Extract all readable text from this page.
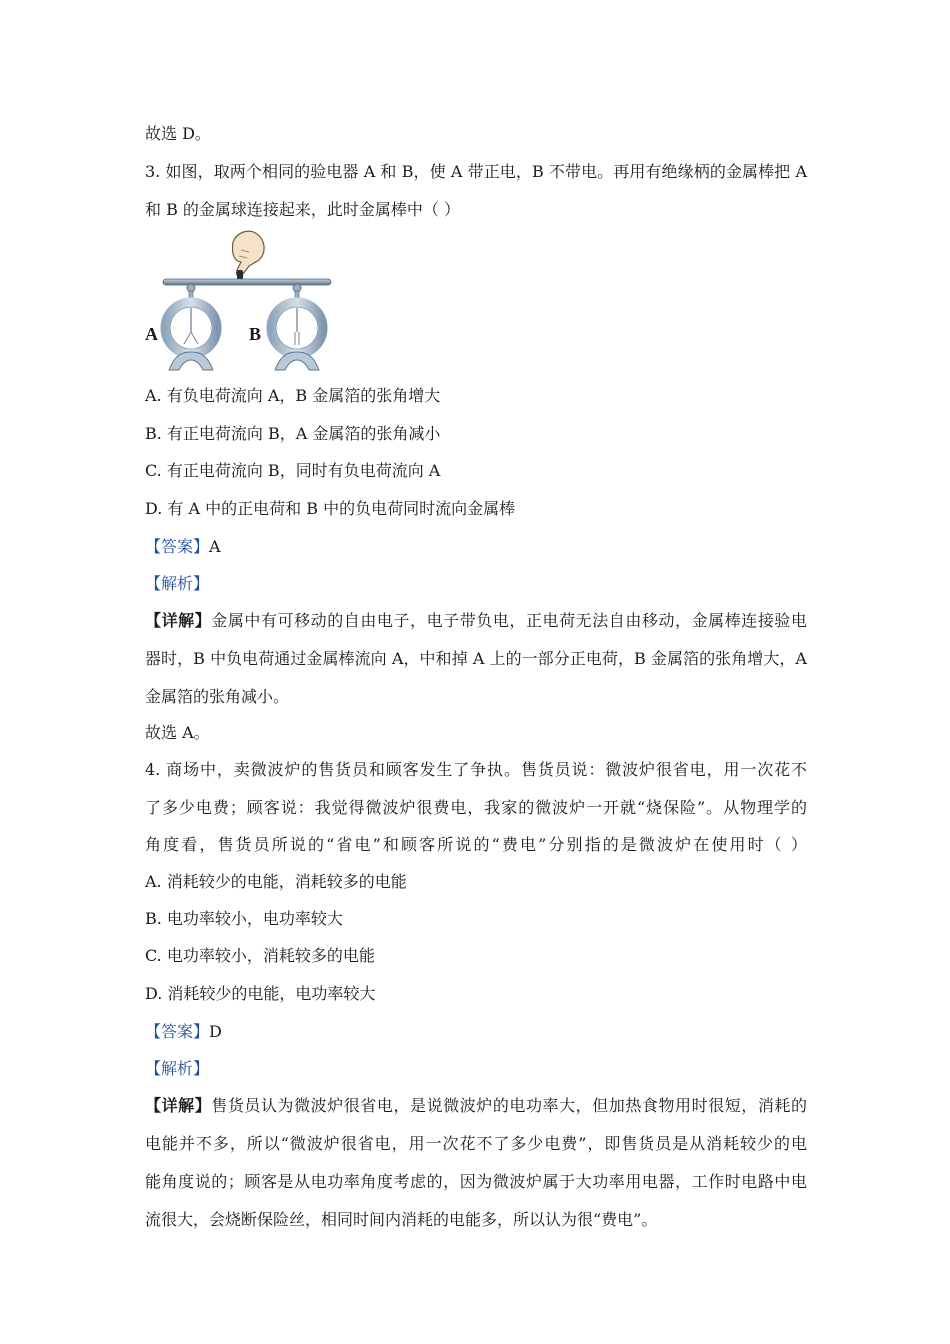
故选 D。
3. 如图，取两个相同的验电器 A 和 B，使 A 带正电，B 不带电。再用有绝缘柄的金属棒把 A
和 B 的金属球连接起来，此时金属棒中（ ）
A	B
A. 有负电荷流向 A，B 金属箔的张角增大
B. 有正电荷流向 B，A 金属箔的张角减小
C. 有正电荷流向 B，同时有负电荷流向 A
D. 有 A 中的正电荷和 B 中的负电荷同时流向金属棒
【答案】A
【解析】
【详解】金属中有可移动的自由电子，电子带负电，正电荷无法自由移动，金属棒连接验电
器时，B 中负电荷通过金属棒流向 A，中和掉 A 上的一部分正电荷，B 金属箔的张角增大，A
金属箔的张角减小。
故选 A。
4. 商场中，卖微波炉的售货员和顾客发生了争执。售货员说：微波炉很省电，用一次花不
了多少电费；顾客说：我觉得微波炉很费电，我家的微波炉一开就“烧保险”。从物理学的
角度看，售货员所说的“省电”和顾客所说的“费电”分别指的是微波炉在使用时（ ）
A. 消耗较少的电能，消耗较多的电能
B. 电功率较小，电功率较大
C. 电功率较小，消耗较多的电能
D. 消耗较少的电能，电功率较大
【答案】D
【解析】
【详解】售货员认为微波炉很省电，是说微波炉的电功率大，但加热食物用时很短，消耗的
电能并不多，所以“微波炉很省电，用一次花不了多少电费”，即售货员是从消耗较少的电
能角度说的；顾客是从电功率角度考虑的，因为微波炉属于大功率用电器，工作时电路中电
流很大，会烧断保险丝，相同时间内消耗的电能多，所以认为很“费电”。
